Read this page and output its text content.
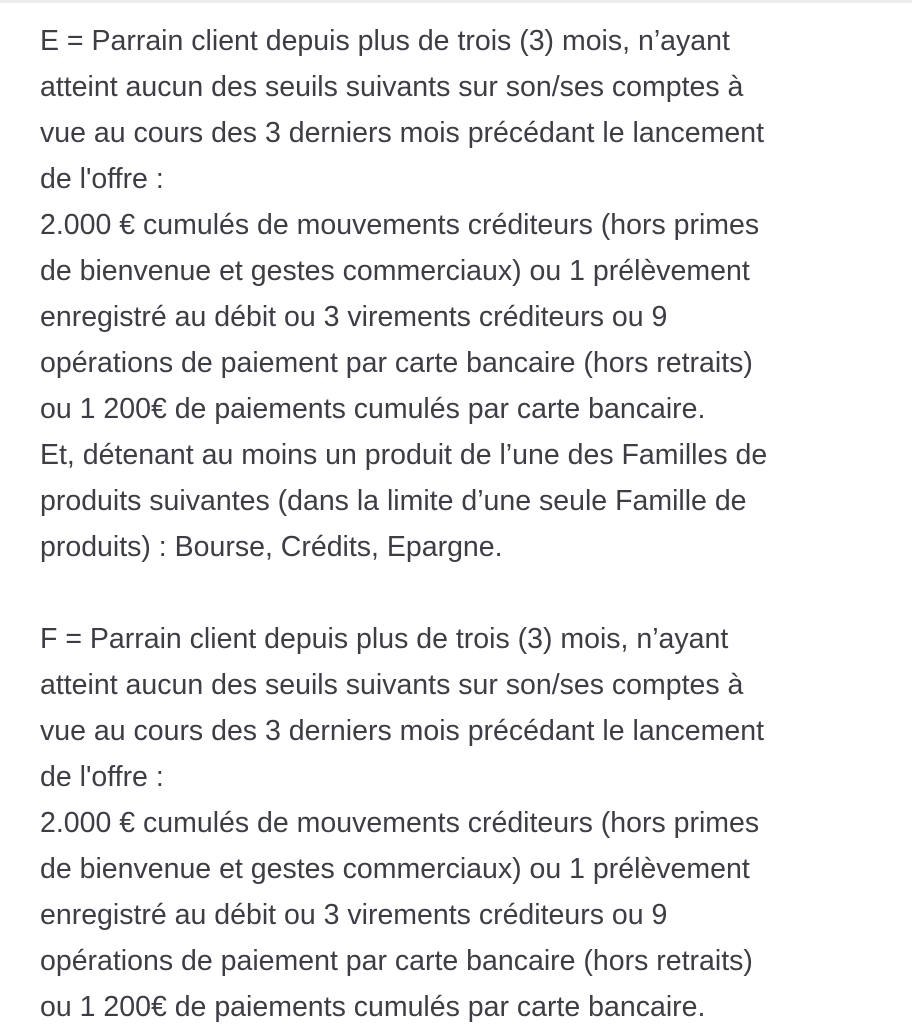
E = Parrain client depuis plus de trois (3) mois, n’ayant
atteint aucun des seuils suivants sur son/ses comptes à
vue au cours des 3 derniers mois précédant le lancement
de l'offre :
2.000 € cumulés de mouvements créditeurs (hors primes
de bienvenue et gestes commerciaux) ou 1 prélèvement
enregistré au débit ou 3 virements créditeurs ou 9
opérations de paiement par carte bancaire (hors retraits)
ou 1 200€ de paiements cumulés par carte bancaire.
Et, détenant au moins un produit de l’une des Familles de
produits suivantes (dans la limite d’une seule Famille de
produits) : Bourse, Crédits, Epargne.
F = Parrain client depuis plus de trois (3) mois, n’ayant
atteint aucun des seuils suivants sur son/ses comptes à
vue au cours des 3 derniers mois précédant le lancement
de l'offre :
2.000 € cumulés de mouvements créditeurs (hors primes
de bienvenue et gestes commerciaux) ou 1 prélèvement
enregistré au débit ou 3 virements créditeurs ou 9
opérations de paiement par carte bancaire (hors retraits)
ou 1 200€ de paiements cumulés par carte bancaire.
